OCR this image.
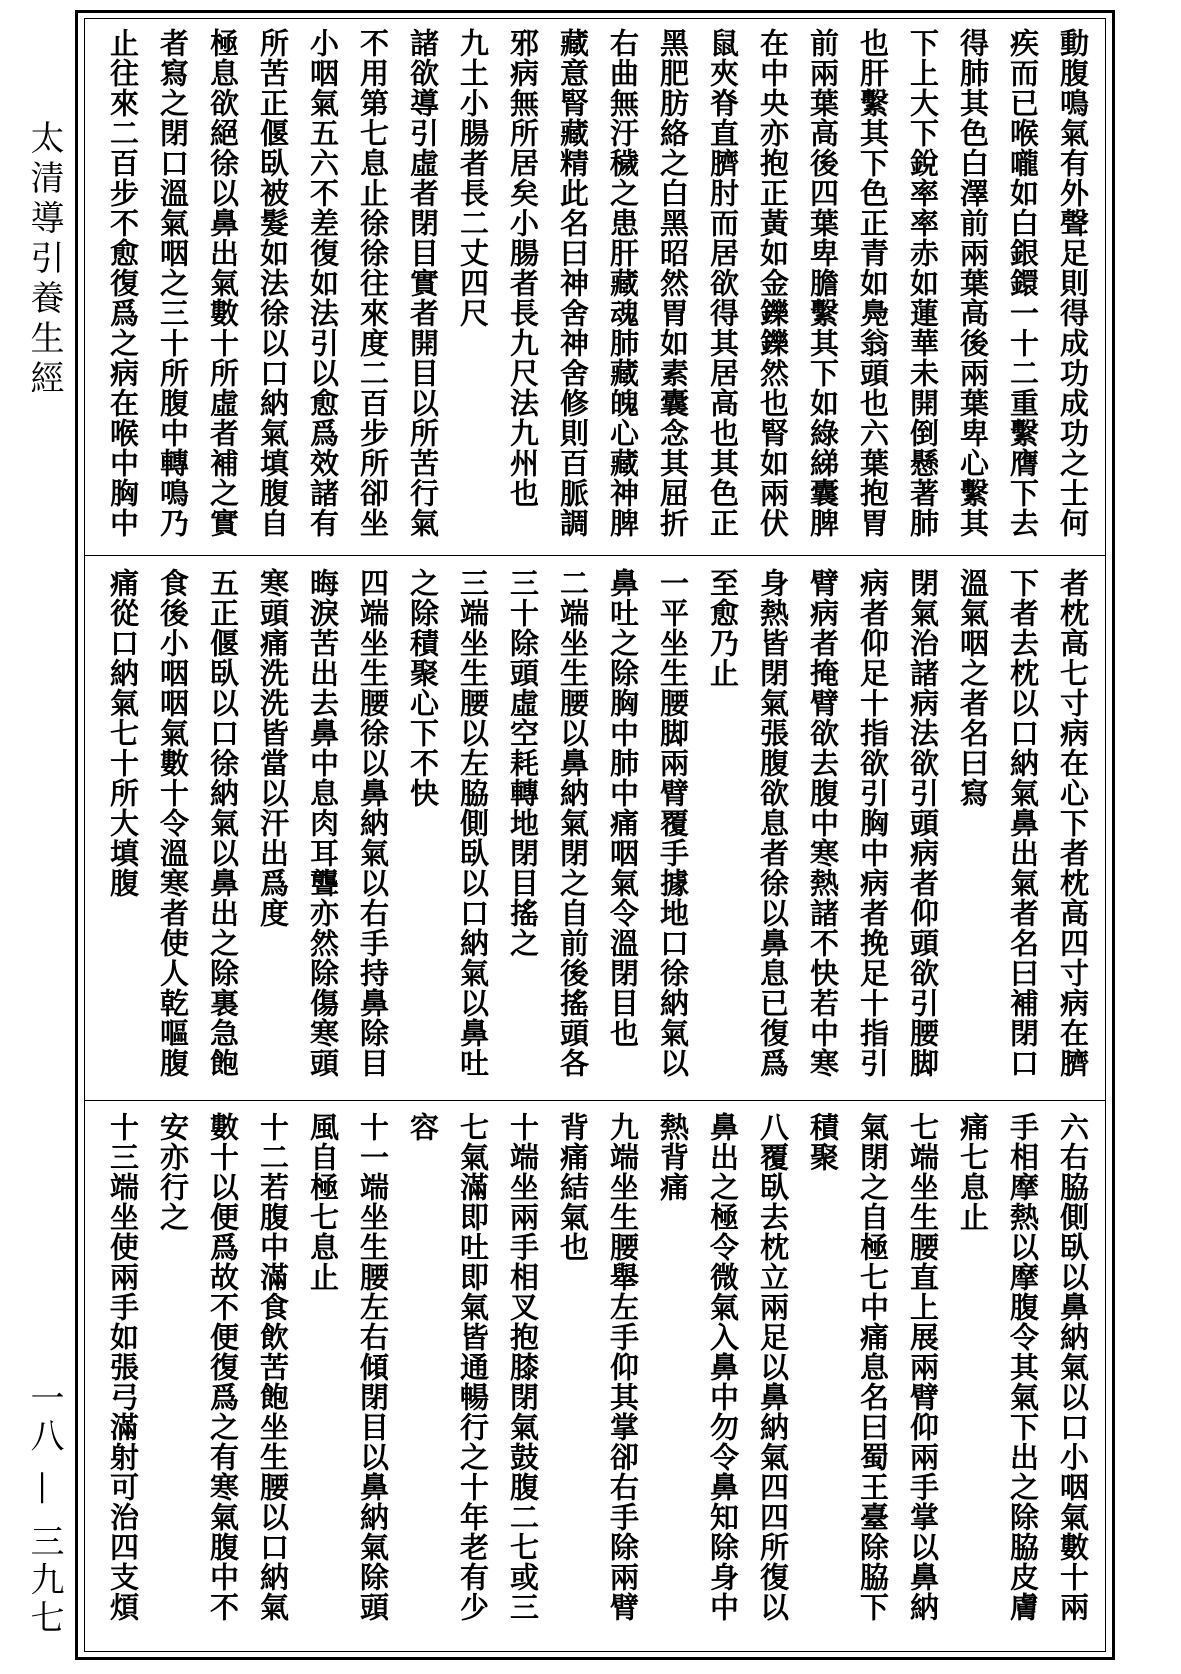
太清導引養生經
一八 — 三九七
動腹鳴氣有外聲足則得成功成功之士何
疾而已喉嚨如白銀鐶一十二重繫膺下去
得肺其色白澤前兩葉高後兩葉卑心繫其
下上大下銳率率赤如蓮華未開倒懸著肺
也肝繫其下色正青如鳧翁頭也六葉抱胃
前兩葉高後四葉卑膽繫其下如綠綈囊脾
在中央亦抱正黃如金鑠鑠然也腎如兩伏
鼠夾脊直臍肘而居欲得其居高也其色正
黑肥肪絡之白黑昭然胃如素囊念其屈折
右曲無汙穢之患肝藏魂肺藏魄心藏神脾
藏意腎藏精此名曰神舍神舍修則百脈調
邪病無所居矣小腸者長九尺法九州也
九土小腸者長二丈四尺
諸欲導引虛者閉目實者開目以所苦行氣
不用第七息止徐徐往來度二百步所卻坐
小咽氣五六不差復如法引以愈爲效諸有
所苦正偃臥被髮如法徐以口納氣填腹自
極息欲絕徐以鼻出氣數十所虛者補之實
者寫之閉口溫氣咽之三十所腹中轉鳴乃
止往來二百步不愈復爲之病在喉中胸中
者枕高七寸病在心下者枕高四寸病在臍
下者去枕以口納氣鼻出氣者名曰補閉口
溫氣咽之者名曰寫
閉氣治諸病法欲引頭病者仰頭欲引腰脚
病者仰足十指欲引胸中病者挽足十指引
臂病者掩臂欲去腹中寒熱諸不快若中寒
身熱皆閉氣張腹欲息者徐以鼻息已復爲
至愈乃止
一平坐生腰脚兩臂覆手據地口徐納氣以
鼻吐之除胸中肺中痛咽氣令溫閉目也
二端坐生腰以鼻納氣閉之自前後搖頭各
三十除頭虛空耗轉地閉目搖之
三端坐生腰以左脇側臥以口納氣以鼻吐
之除積聚心下不快
四端坐生腰徐以鼻納氣以右手持鼻除目
晦淚苦出去鼻中息肉耳聾亦然除傷寒頭
寒頭痛洗洗皆當以汗出爲度
五正偃臥以口徐納氣以鼻出之除裏急飽
食後小咽咽氣數十令溫寒者使人乾嘔腹
痛從口納氣七十所大填腹
六右脇側臥以鼻納氣以口小咽氣數十兩
手相摩熱以摩腹令其氣下出之除脇皮膚
痛七息止
七端坐生腰直上展兩臂仰兩手掌以鼻納
氣閉之自極七中痛息名曰蜀王臺除脇下
積聚
八覆臥去枕立兩足以鼻納氣四四所復以
鼻出之極令微氣入鼻中勿令鼻知除身中
熱背痛
九端坐生腰舉左手仰其掌卻右手除兩臂
背痛結氣也
十端坐兩手相叉抱膝閉氣鼓腹二七或三
七氣滿即吐即氣皆通暢行之十年老有少
容
十一端坐生腰左右傾閉目以鼻納氣除頭
風自極七息止
十二若腹中滿食飲苦飽坐生腰以口納氣
數十以便爲故不便復爲之有寒氣腹中不
安亦行之
十三端坐使兩手如張弓滿射可治四支煩
